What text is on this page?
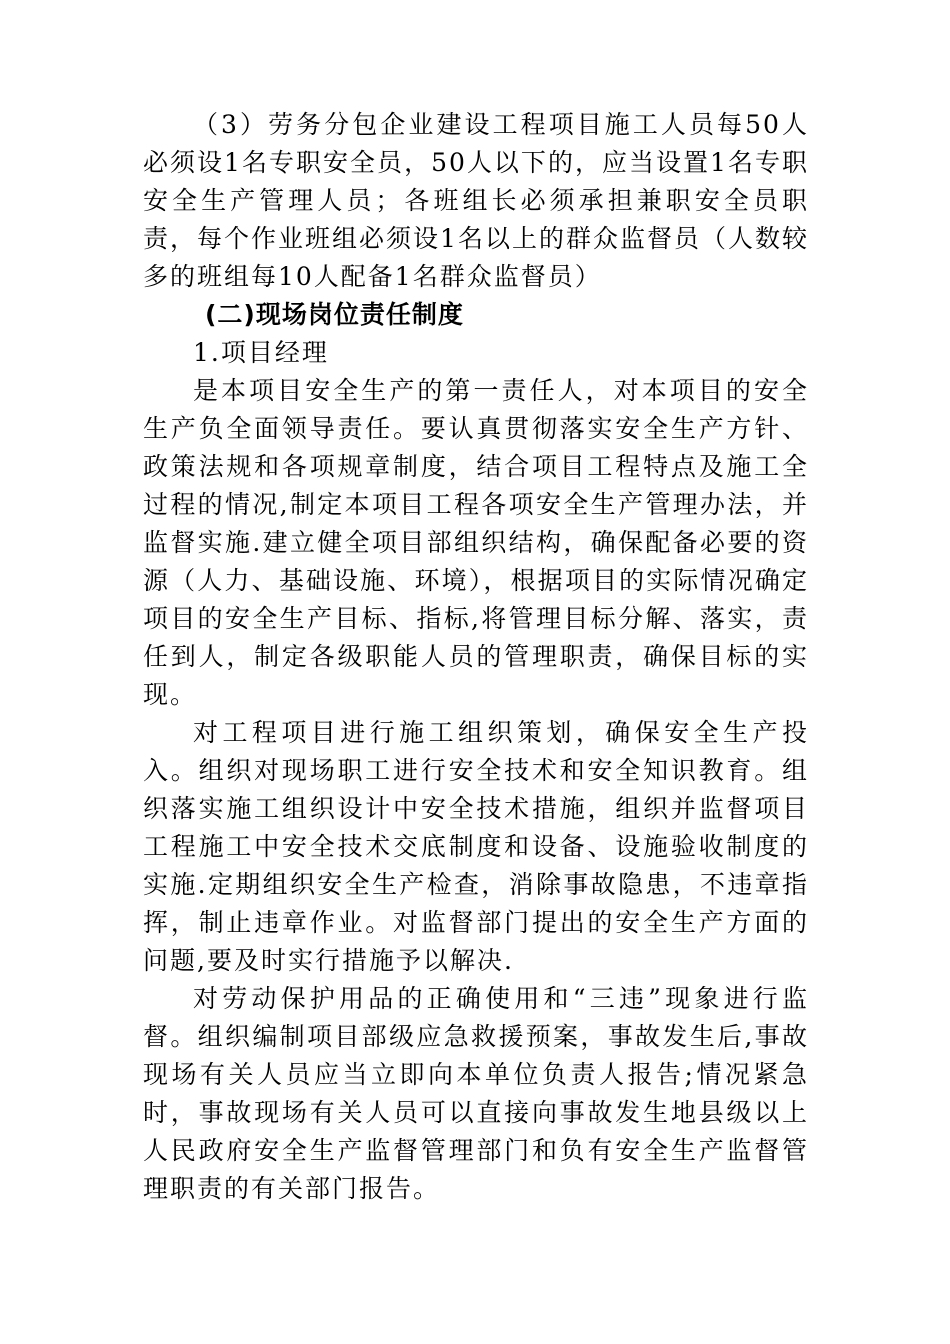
（3）劳务分包企业建设工程项目施工人员每50人必须设1名专职安全员，50人以下的，应当设置1名专职安全生产管理人员；各班组长必须承担兼职安全员职责，每个作业班组必须设1名以上的群众监督员（人数较多的班组每10人配备1名群众监督员）

(二)现场岗位责任制度

1.项目经理

是本项目安全生产的第一责任人，对本项目的安全生产负全面领导责任。要认真贯彻落实安全生产方针、政策法规和各项规章制度，结合项目工程特点及施工全过程的情况,制定本项目工程各项安全生产管理办法，并监督实施.建立健全项目部组织结构，确保配备必要的资源（人力、基础设施、环境），根据项目的实际情况确定项目的安全生产目标、指标,将管理目标分解、落实，责任到人，制定各级职能人员的管理职责，确保目标的实现。

对工程项目进行施工组织策划，确保安全生产投入。组织对现场职工进行安全技术和安全知识教育。组织落实施工组织设计中安全技术措施，组织并监督项目工程施工中安全技术交底制度和设备、设施验收制度的实施.定期组织安全生产检查，消除事故隐患，不违章指挥，制止违章作业。对监督部门提出的安全生产方面的问题,要及时实行措施予以解决.

对劳动保护用品的正确使用和“三违”现象进行监督。组织编制项目部级应急救援预案，事故发生后,事故现场有关人员应当立即向本单位负责人报告;情况紧急时，事故现场有关人员可以直接向事故发生地县级以上人民政府安全生产监督管理部门和负有安全生产监督管理职责的有关部门报告。
